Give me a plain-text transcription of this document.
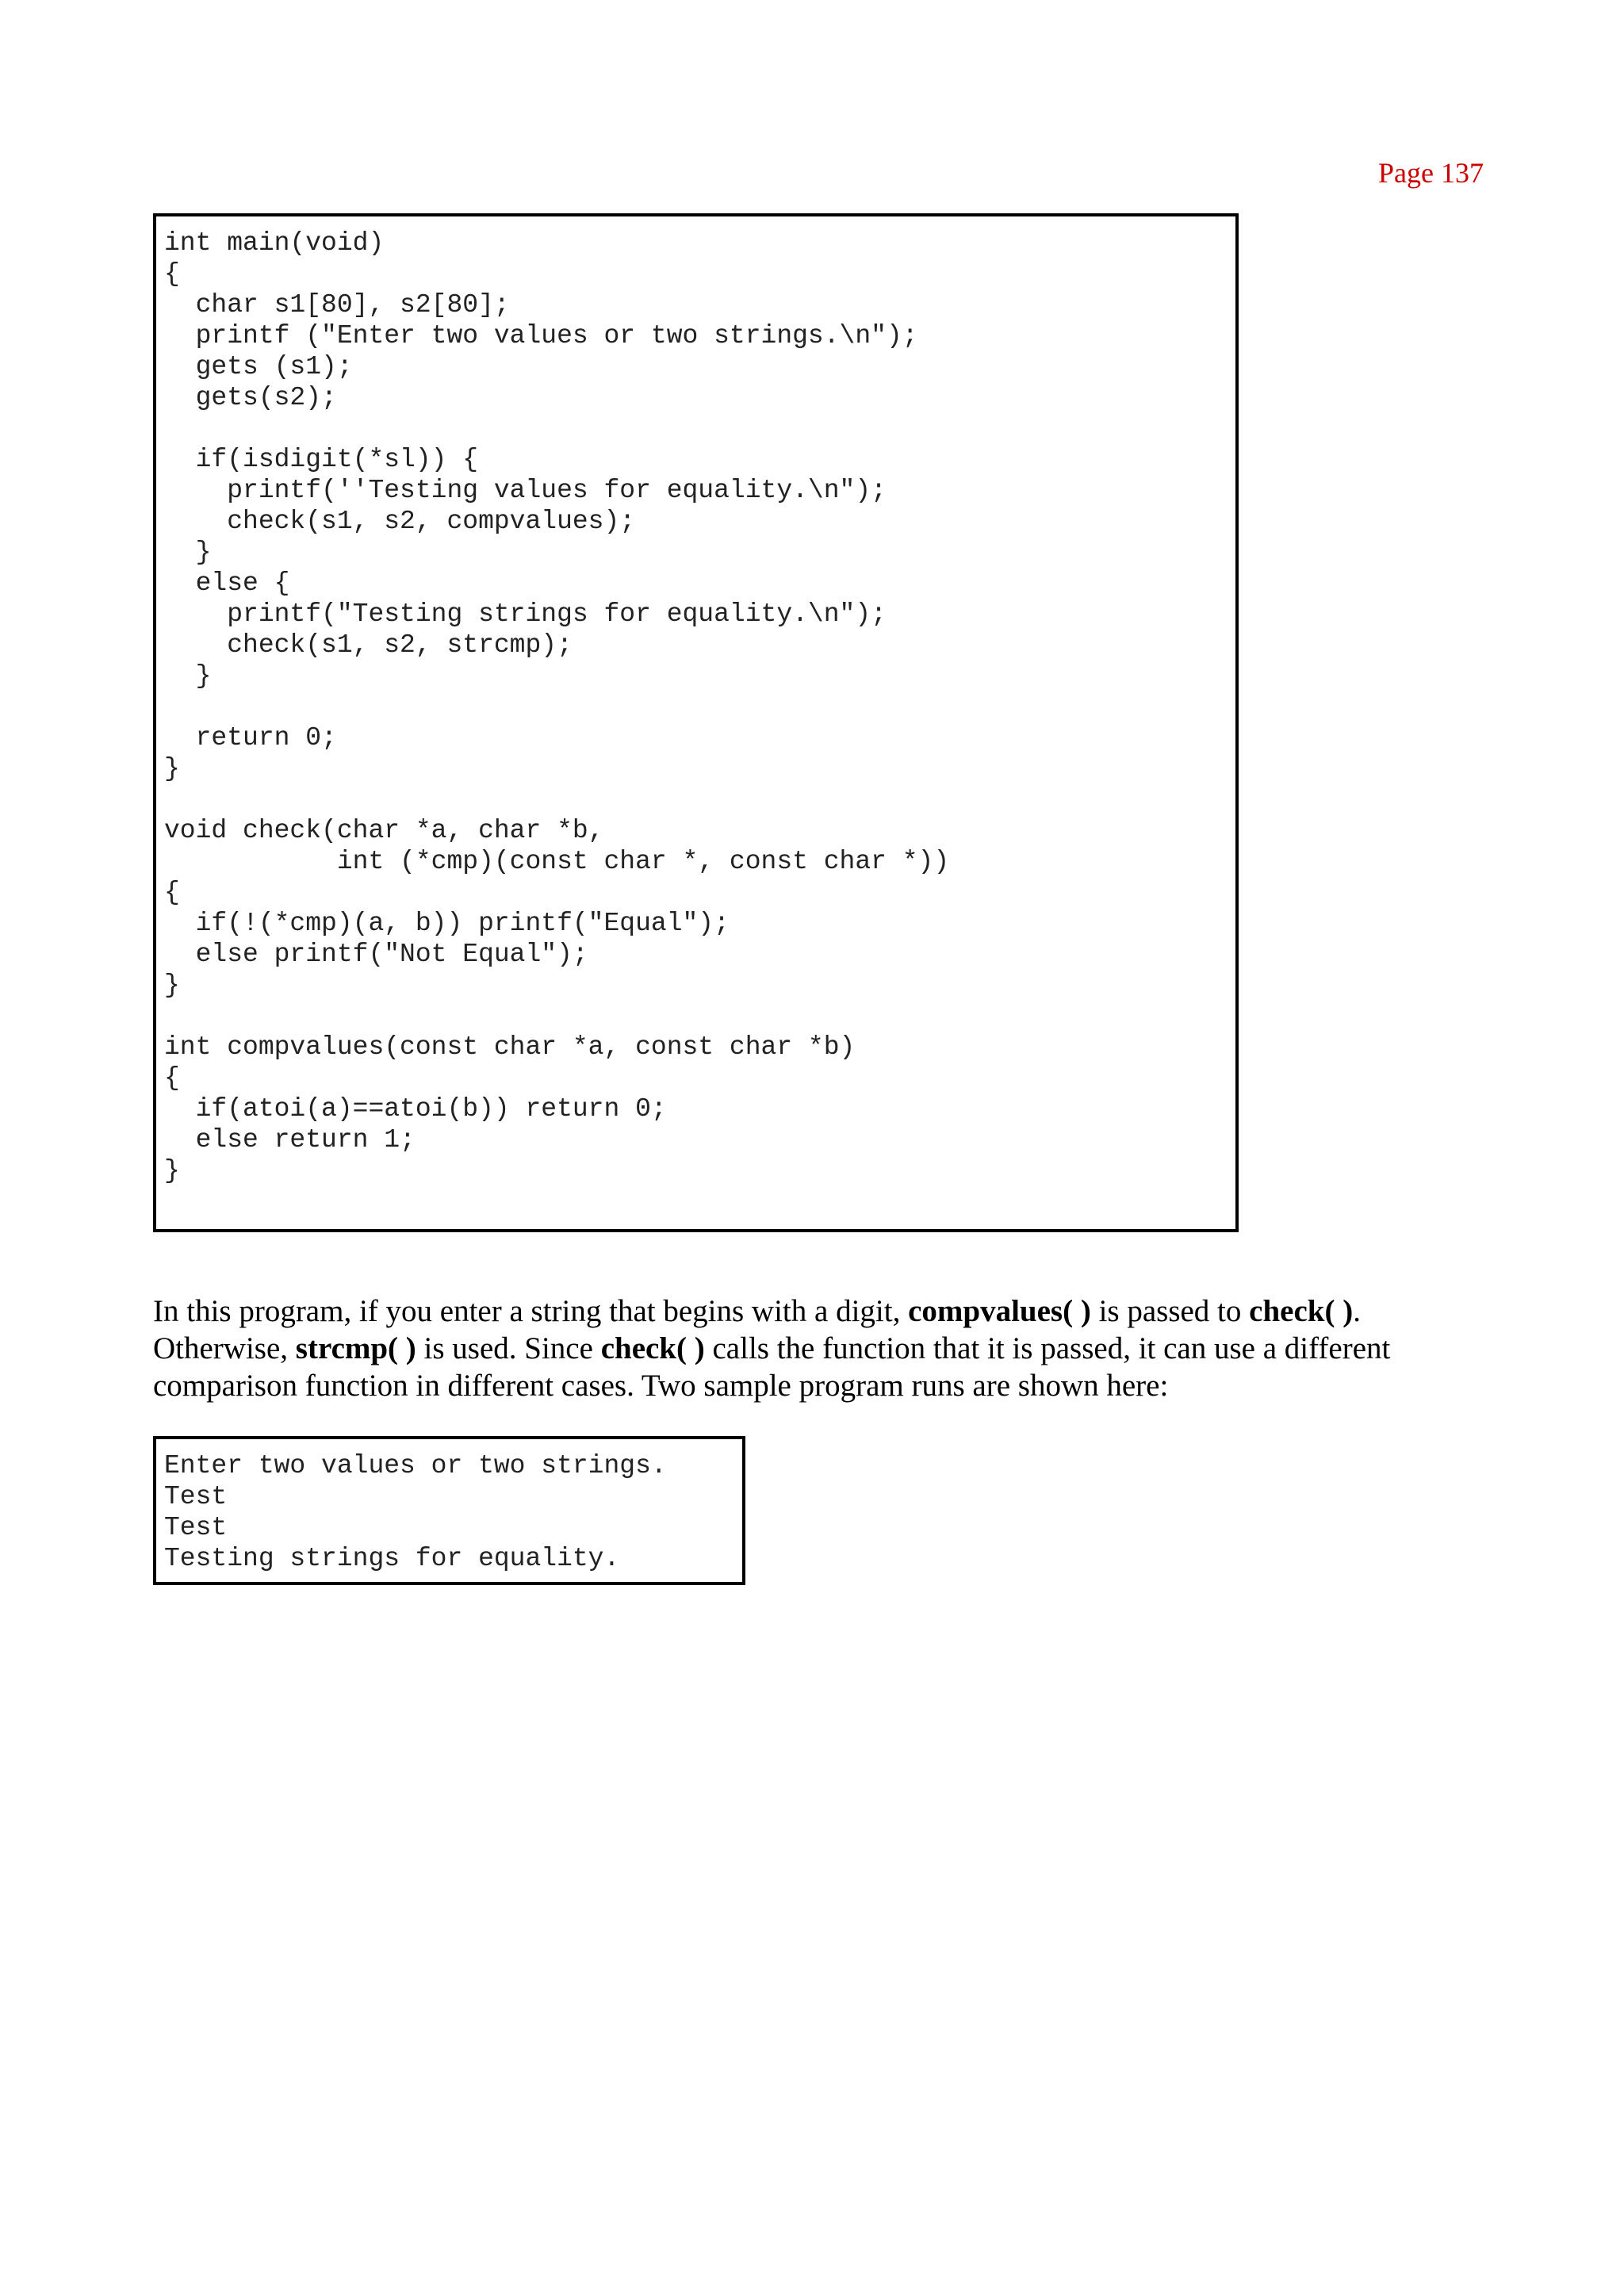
Page 137
int main(void)
{
char s1[80], s2[80];
printf ("Enter two values or two strings.\n");
gets (s1);
gets(s2);
if(isdigit(*sl)) {
printf(''Testing values for equality.\n");
check(s1, s2, compvalues);
}
else {
printf("Testing strings for equality.\n");
check(s1, s2, strcmp);
}
return 0;
}
void check(char *a, char *b,
int (*cmp)(const char *, const char *))
{
if(!(*cmp)(a, b)) printf("Equal");
else printf("Not Equal");
}
int compvalues(const char *a, const char *b)
{
if(atoi(a)==atoi(b)) return 0;
else return 1;
}
In this program, if you enter a string that begins with a digit, compvalues( ) is passed to check( ).
Otherwise, strcmp( ) is used. Since check( ) calls the function that it is passed, it can use a different
comparison function in different cases. Two sample program runs are shown here:
Enter two values or two strings.
Test
Test
Testing strings for equality.
